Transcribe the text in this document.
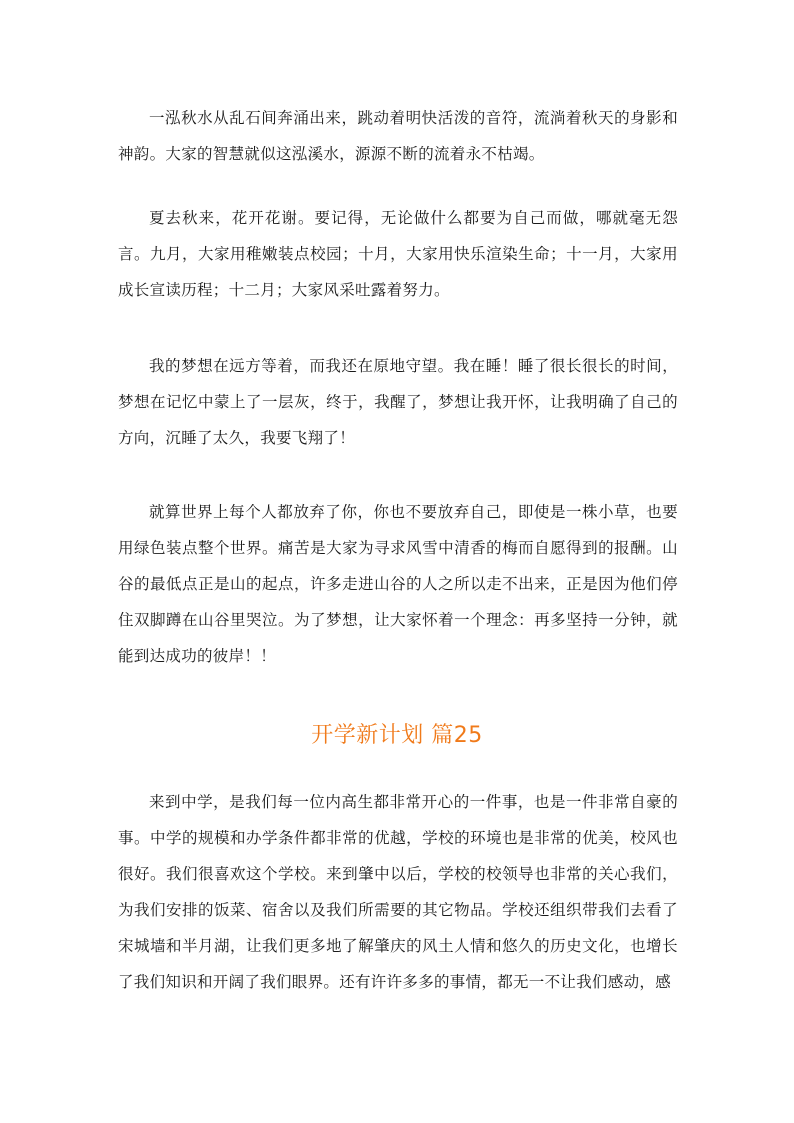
一泓秋水从乱石间奔涌出来，跳动着明快活泼的音符，流淌着秋天的身影和神韵。大家的智慧就似这泓溪水，源源不断的流着永不枯竭。

夏去秋来，花开花谢。要记得，无论做什么都要为自己而做，哪就毫无怨言。九月，大家用稚嫩装点校园；十月，大家用快乐渲染生命；十一月，大家用成长宣读历程；十二月；大家风采吐露着努力。

我的梦想在远方等着，而我还在原地守望。我在睡！睡了很长很长的时间，梦想在记忆中蒙上了一层灰，终于，我醒了，梦想让我开怀，让我明确了自己的方向，沉睡了太久，我要飞翔了！

就算世界上每个人都放弃了你，你也不要放弃自己，即使是一株小草，也要用绿色装点整个世界。痛苦是大家为寻求风雪中清香的梅而自愿得到的报酬。山谷的最低点正是山的起点，许多走进山谷的人之所以走不出来，正是因为他们停住双脚蹲在山谷里哭泣。为了梦想，让大家怀着一个理念：再多坚持一分钟，就能到达成功的彼岸！！

开学新计划 篇25

来到中学，是我们每一位内高生都非常开心的一件事，也是一件非常自豪的事。中学的规模和办学条件都非常的优越，学校的环境也是非常的优美，校风也很好。我们很喜欢这个学校。来到肇中以后，学校的校领导也非常的关心我们，为我们安排的饭菜、宿舍以及我们所需要的其它物品。学校还组织带我们去看了宋城墙和半月湖，让我们更多地了解肇庆的风土人情和悠久的历史文化，也增长了我们知识和开阔了我们眼界。还有许许多多的事情，都无一不让我们感动，感
